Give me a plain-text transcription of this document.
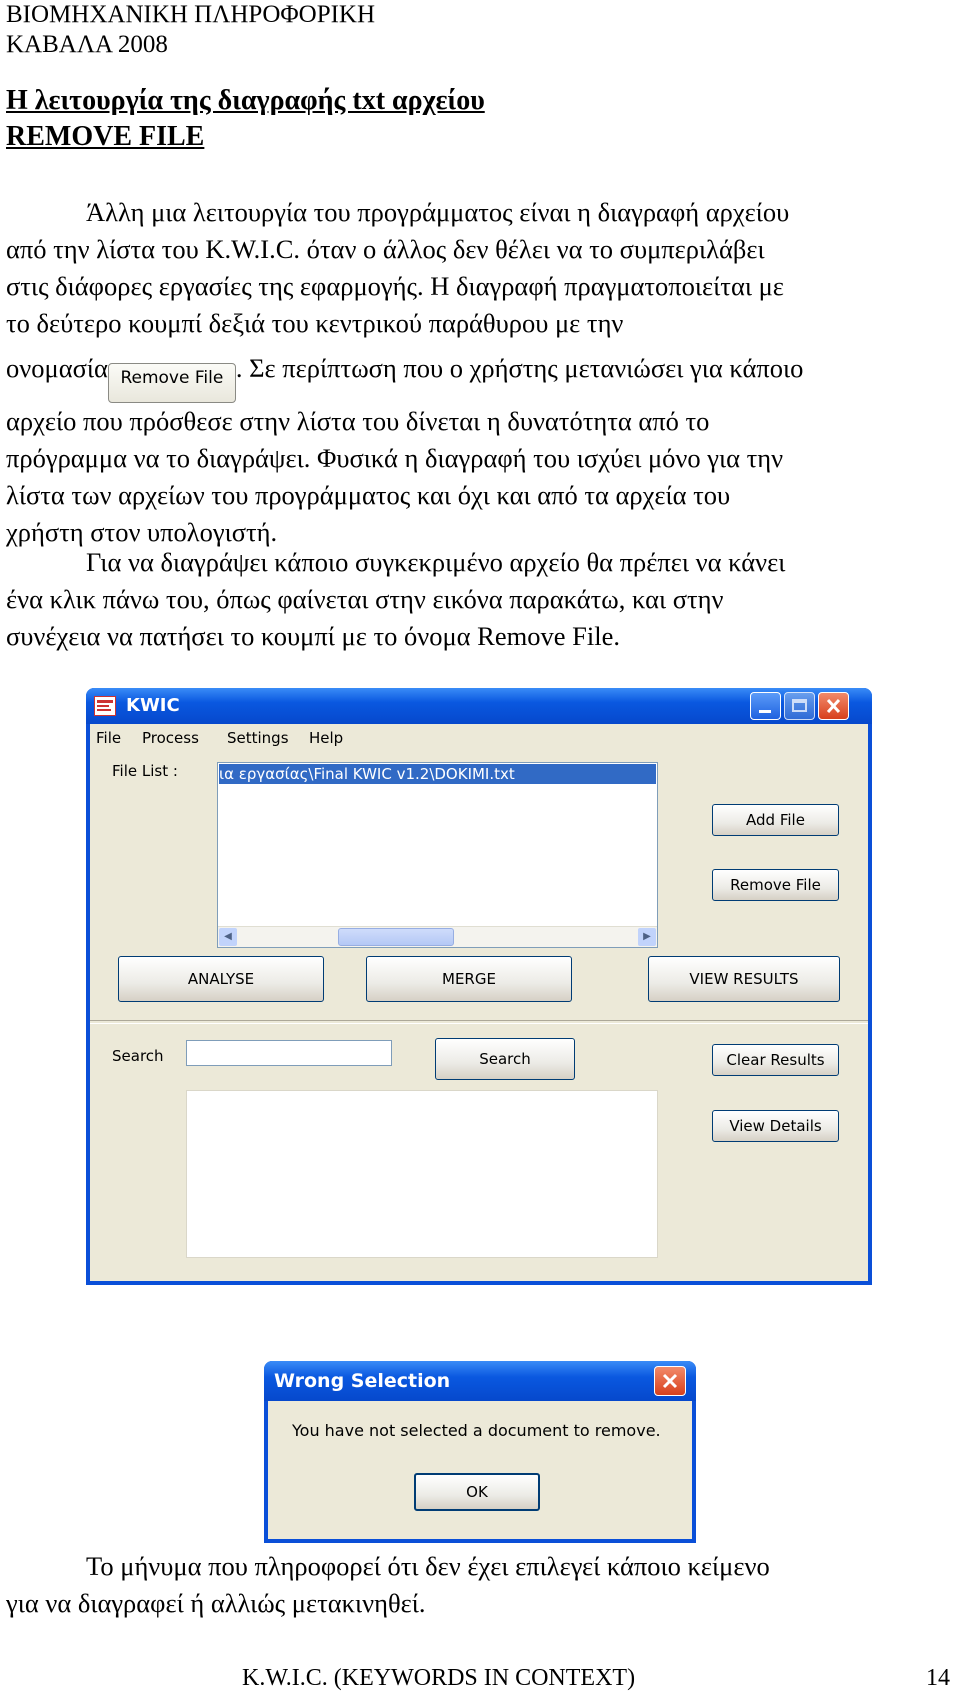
ΒΙΟΜΗΧΑΝΙΚΗ ΠΛΗΡΟΦΟΡΙΚΗ
ΚΑΒΑΛΑ 2008
Η λειτουργία της διαγραφής txt αρχείου
REMOVE FILE
Άλλη μια λειτουργία του προγράμματος είναι η διαγραφή αρχείου
από την λίστα του K.W.I.C. όταν ο άλλος δεν θέλει να το συμπεριλάβει
στις διάφορες εργασίες της εφαρμογής. Η διαγραφή πραγματοποιείται με
το δεύτερο κουμπί δεξιά του κεντρικού παράθυρου με την
ονομασία Remove File . Σε περίπτωση που ο χρήστης μετανιώσει για κάποιο
αρχείο που πρόσθεσε στην λίστα του δίνεται η δυνατότητα από το
πρόγραμμα να το διαγράψει. Φυσικά η διαγραφή του ισχύει μόνο για την
λίστα των αρχείων του προγράμματος και όχι και από τα αρχεία του
χρήστη στον υπολογιστή.
Για να διαγράψει κάποιο συγκεκριμένο αρχείο θα πρέπει να κάνει
ένα κλικ πάνω του, όπως φαίνεται στην εικόνα παρακάτω, και στην
συνέχεια να πατήσει το κουμπί με το όνομα Remove File.
KWIC
File Process Settings Help
File List :	ια εργασίας\Final KWIC v1.2\DOKIMI.txt
◀	▶
Add File
Remove File
ANALYSE	MERGE	VIEW RESULTS
Search	Search	Clear Results
View Details
Wrong Selection
You have not selected a document to remove.
OK
Το μήνυμα που πληροφορεί ότι δεν έχει επιλεγεί κάποιο κείμενο
για να διαγραφεί ή αλλιώς μετακινηθεί.
K.W.I.C. (KEYWORDS IN CONTEXT)	14
